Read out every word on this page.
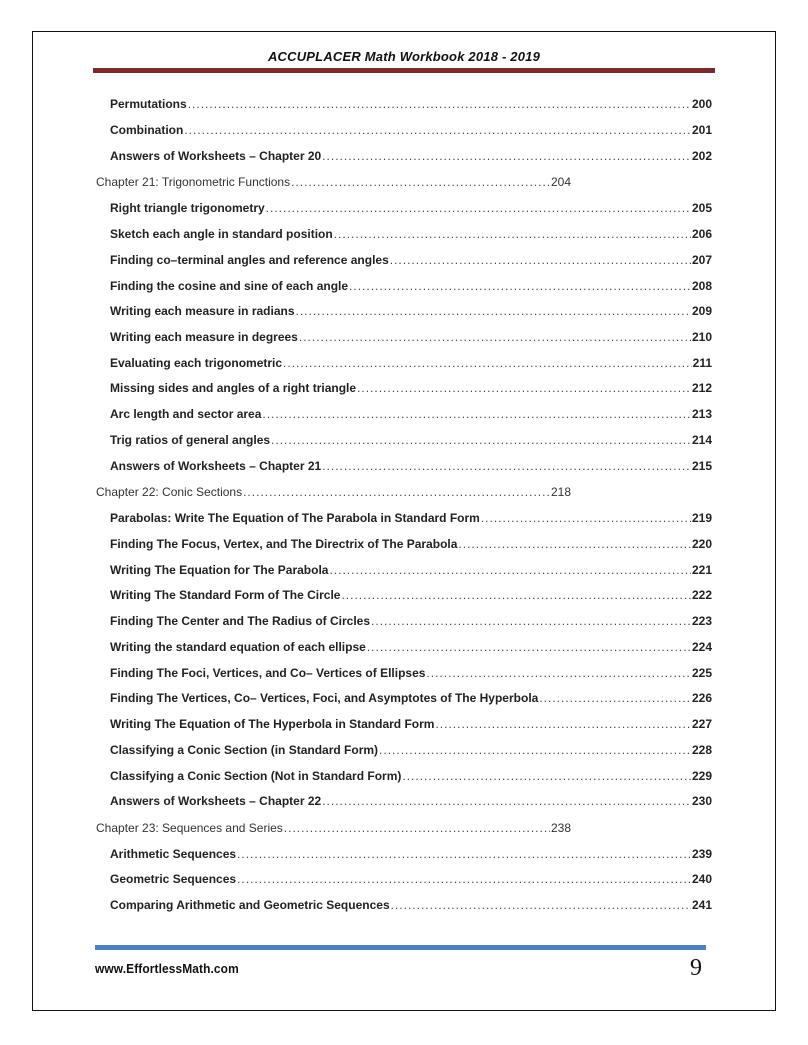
ACCUPLACER Math Workbook 2018 - 2019
Permutations .....	200
Combination .....	201
Answers of Worksheets – Chapter 20 .....	202
Chapter 21: Trigonometric Functions .....	204
Right triangle trigonometry .....	205
Sketch each angle in standard position .....	206
Finding co–terminal angles and reference angles .....	207
Finding the cosine and sine of each angle .....	208
Writing each measure in radians .....	209
Writing each measure in degrees .....	210
Evaluating each trigonometric .....	211
Missing sides and angles of a right triangle .....	212
Arc length and sector area .....	213
Trig ratios of general angles .....	214
Answers of Worksheets – Chapter 21 .....	215
Chapter 22: Conic Sections .....	218
Parabolas: Write The Equation of The Parabola in Standard Form .....	219
Finding The Focus, Vertex, and The Directrix of The Parabola .....	220
Writing The Equation for The Parabola .....	221
Writing The Standard Form of The Circle .....	222
Finding The Center and The Radius of Circles .....	223
Writing the standard equation of each ellipse .....	224
Finding The Foci, Vertices, and Co– Vertices of Ellipses .....	225
Finding The Vertices, Co– Vertices, Foci, and Asymptotes of The Hyperbola .....	226
Writing The Equation of The Hyperbola in Standard Form .....	227
Classifying a Conic Section (in Standard Form) .....	228
Classifying a Conic Section (Not in Standard Form) .....	229
Answers of Worksheets – Chapter 22 .....	230
Chapter 23: Sequences and Series .....	238
Arithmetic Sequences .....	239
Geometric Sequences .....	240
Comparing Arithmetic and Geometric Sequences .....	241
www.EffortlessMath.com	9
